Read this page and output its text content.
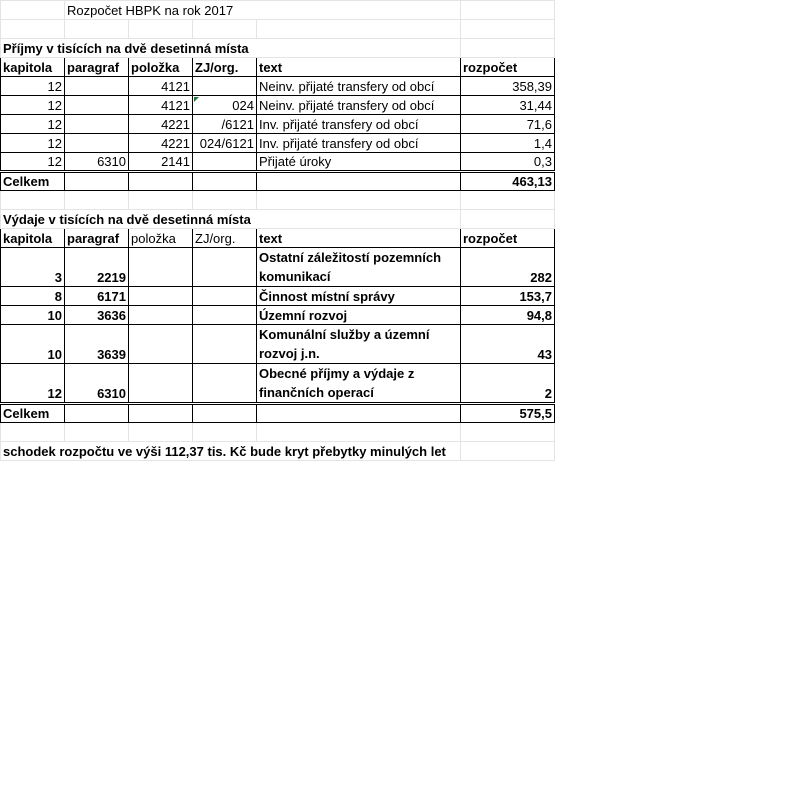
	Rozpočet HBPK na rok 2017				

Příjmy v tisících na dvě desetinná místa					
kapitola	paragraf	položka	ZJ/org.	text	rozpočet
12		4121		Neinv. přijaté transfery od obcí	358,39
12		4121	024	Neinv. přijaté transfery od obcí	31,44
12		4221	/6121	Inv. přijaté transfery od obcí	71,6
12		4221	024/6121	Inv. přijaté transfery od obcí	1,4
12	6310	2141		Přijaté úroky	0,3
Celkem					463,13

Výdaje v tisících na dvě desetinná místa					
kapitola	paragraf	položka	ZJ/org.	text	rozpočet
3	2219			Ostatní záležitostí pozemních komunikací	282
8	6171			Činnost místní správy	153,7
10	3636			Územní rozvoj	94,8
10	3639			Komunální služby a územní rozvoj j.n.	43
12	6310			Obecné příjmy a výdaje z finančních operací	2
Celkem					575,5

schodek rozpočtu ve výši 112,37 tis. Kč bude kryt přebytky minulých let					
